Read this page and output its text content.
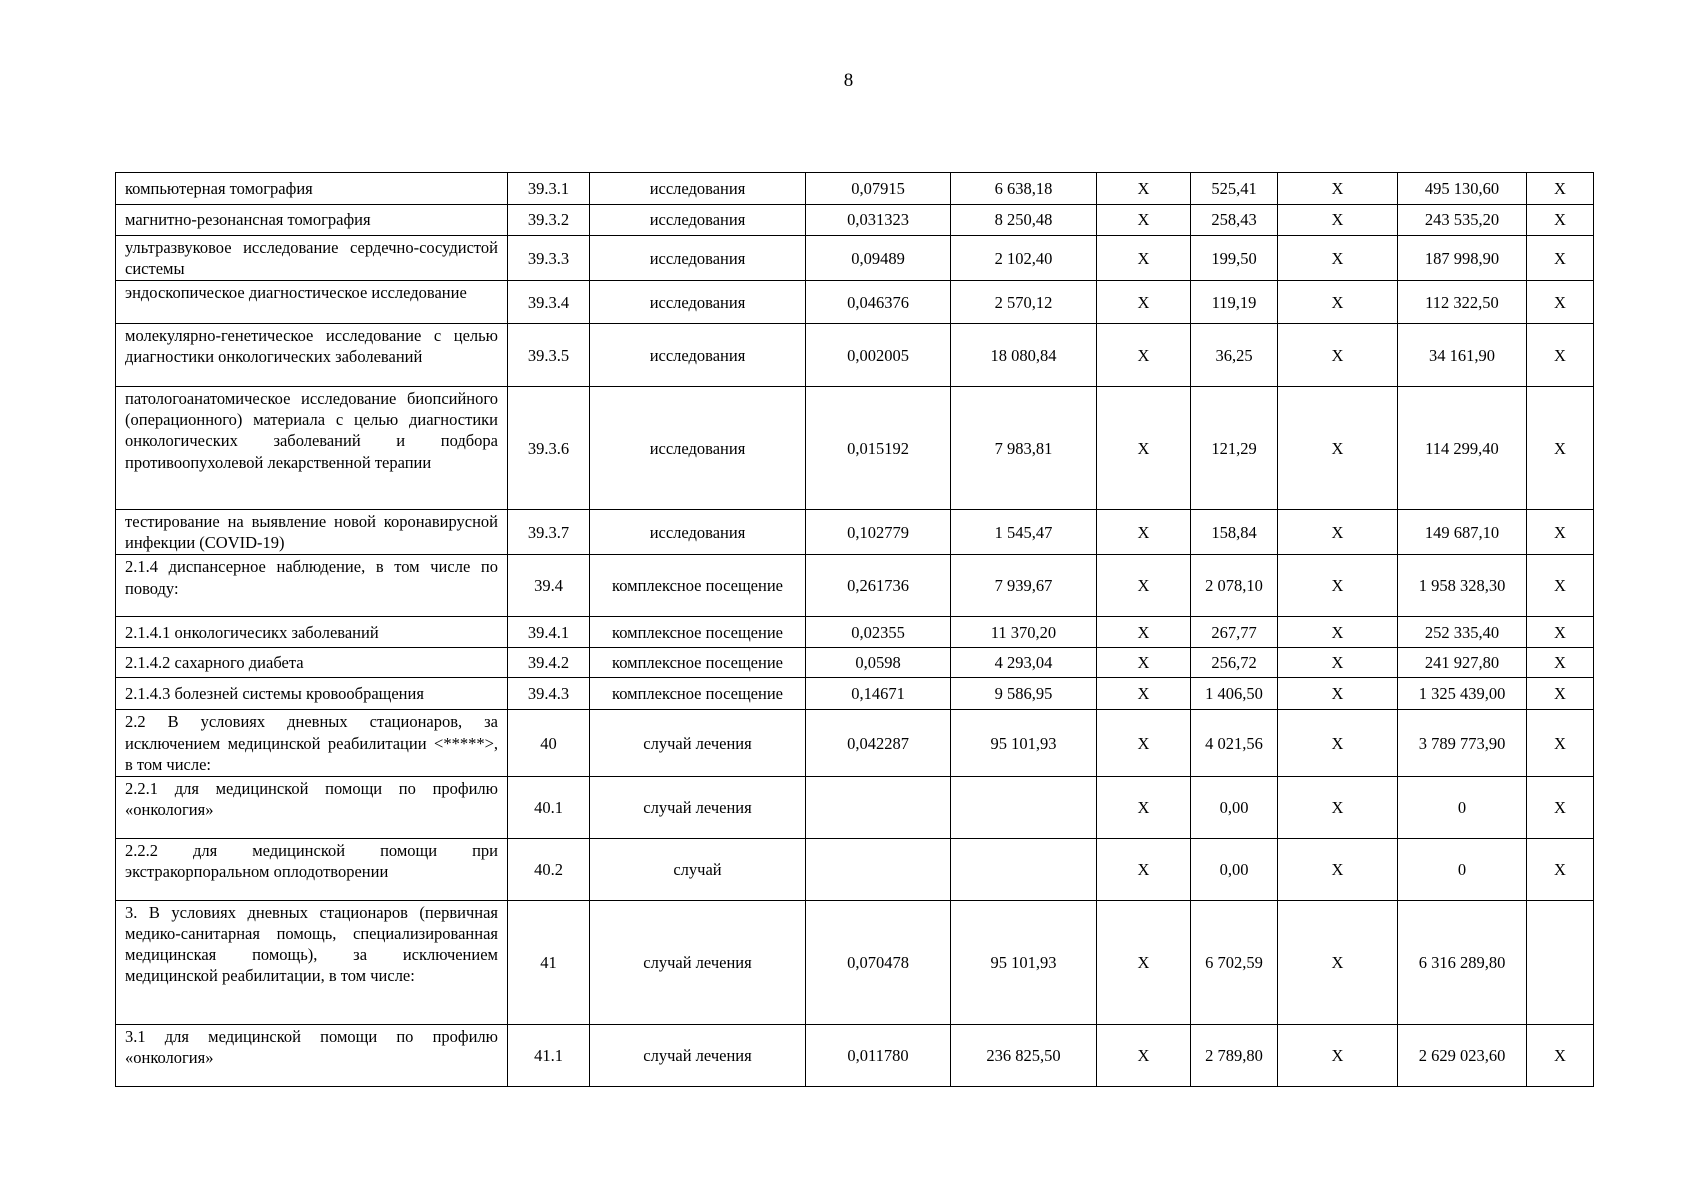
8
компьютерная томография	39.3.1	исследования	0,07915	6 638,18	Х	525,41	Х	495 130,60	Х
магнитно-резонансная томография	39.3.2	исследования	0,031323	8 250,48	Х	258,43	Х	243 535,20	Х
ультразвуковое исследование сердечно-сосудистой системы	39.3.3	исследования	0,09489	2 102,40	Х	199,50	Х	187 998,90	Х
эндоскопическое диагностическое исследование	39.3.4	исследования	0,046376	2 570,12	Х	119,19	Х	112 322,50	Х
молекулярно-генетическое исследование с целью диагностики онкологических заболеваний	39.3.5	исследования	0,002005	18 080,84	Х	36,25	Х	34 161,90	Х
патологоанатомическое исследование биопсийного (операционного) материала с целью диагностики онкологических заболеваний и подбора противоопухолевой лекарственной терапии	39.3.6	исследования	0,015192	7 983,81	Х	121,29	Х	114 299,40	Х
тестирование на выявление новой коронавирусной инфекции (COVID-19)	39.3.7	исследования	0,102779	1 545,47	Х	158,84	Х	149 687,10	Х
2.1.4 диспансерное наблюдение, в том числе по поводу:	39.4	комплексное посещение	0,261736	7 939,67	Х	2 078,10	Х	1 958 328,30	Х
2.1.4.1 онкологичесикх заболеваний	39.4.1	комплексное посещение	0,02355	11 370,20	Х	267,77	Х	252 335,40	Х
2.1.4.2 сахарного диабета	39.4.2	комплексное посещение	0,0598	4 293,04	Х	256,72	Х	241 927,80	Х
2.1.4.3 болезней системы кровообращения	39.4.3	комплексное посещение	0,14671	9 586,95	Х	1 406,50	Х	1 325 439,00	Х
2.2 В условиях дневных стационаров, за исключением медицинской реабилитации <*****>, в том числе:	40	случай лечения	0,042287	95 101,93	Х	4 021,56	Х	3 789 773,90	Х
2.2.1 для медицинской помощи по профилю «онкология»	40.1	случай лечения			Х	0,00	Х	0	Х
2.2.2 для медицинской помощи при экстракорпоральном оплодотворении	40.2	случай			Х	0,00	Х	0	Х
3. В условиях дневных стационаров (первичная медико-санитарная помощь, специализированная медицинская помощь), за исключением медицинской реабилитации, в том числе:	41	случай лечения	0,070478	95 101,93	Х	6 702,59	Х	6 316 289,80	
3.1 для медицинской помощи по профилю «онкология»	41.1	случай лечения	0,011780	236 825,50	Х	2 789,80	Х	2 629 023,60	Х
